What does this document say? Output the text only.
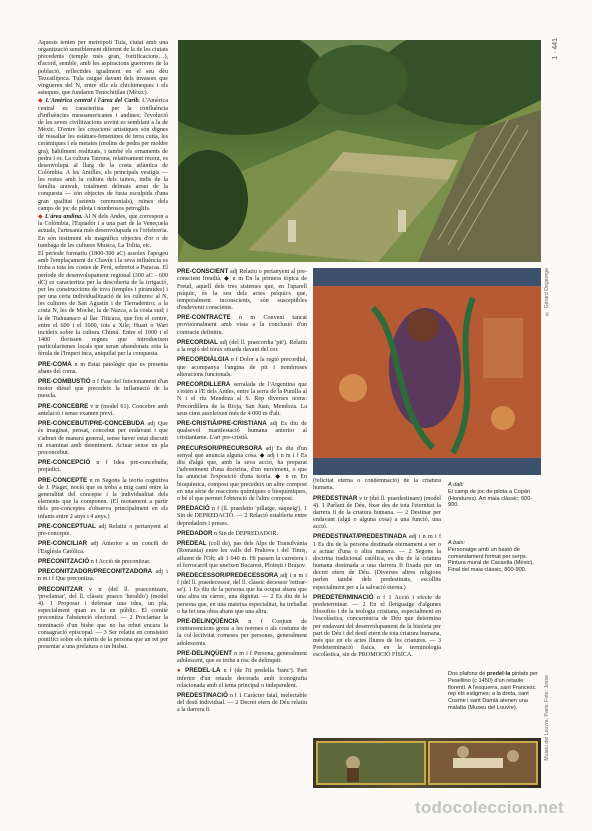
1 · 441

Aquests tenien per metròpoli Tula, ciutat amb una organització sensiblement diferent de la de les ciutats precedents (temple més gran, fortificacions…), d'acord, semble, amb les aspiracions guerreres de la població, reflectides igualment en el seu déu Tezcatlipoca. Tula caigué davant dels invasors que vingueren del N, entre ells els chichimeques i els asteques, que fundaren Tenochtitlan (Mèxic).

◆ L'Amèrica central i l'àrea del Carib. L'Amèrica central es caracteritza per la confluència d'influències mesoamericanes i andines; l'evolució de les seves civilitzacions sovint es semblant a la de Mèxic. D'entre les creacions artístiques són dignes de ressaltar les estàtues-femenines de terra cuita, les ceràmiques i els metates (molins de pedra per moldre gra), hàbilment realitzats, i també els ornaments de pedra i or. La cultura Tairona, relativament recent, es desenvolupà al llarg de la costa atlàntica de Colòmbia. A les Antilles, els principals vestigis — les restes amb la cultura dels tainos, indis de la família arawak, totalment delmats arran de la conquesta — són objectes de fusta esculpida d'una gran qualitat (seients ceremonials), ruïnes dels camps de joc de pilota i nombrosos petroglifs.

◆ L'àrea andina. Al N dels Andes, que correspon a la Colòmbia, l'Equador i a una part de la Veneçuela actuals, l'artesania més desenvolupada es l'orfebreria. En són testimoni els magnífics objectes d'or o de tumbaga de les cultures Muisca, La Tolita, etc.

El període formatiu (1800-300 aC) assolex l'apogeu amb l'emplaçament de Chavín i la seva influència es troba a tota les costes de Perú, sobretot a Paracas. El període de desenvolupament regional (300 aC - 600 dC) es caracteritza per la descoberta de la irrigació, per les construccions de tova (temples i piràmides) i per una certa individualització de les cultures: al N, les cultures de San Agustín i de Tierradentro; a la costa N, les de Moche; la de Nazca, a la costa sud; i la de Tiahuanaco al llac Titicaca, que fou el centre, entre el 600 i el 1000, tots a Xile; Huari o Wari incideix sobre la cultura Chimú. Entre el 1000 i el 1400 florissen regnes que introdueixen particularismes locals que seran abandonats sota la fèrula de l'Imperi inca, aniquilat per la conquesta.

PRE-COMA n m Estat patològic que es presenta abans del coma.
PRE-COMBUSTIÓ n f Fase del funcionament d'un motor dièsel que precedeix la inflamació de la mescla.
PRE-CONCEBRE v tr (model 61). Concebre amb antelació i sense examen previ.
PRE-CONCEBUT/PRE-CONCEBUDA adj Que és imaginat, pensat, concebut per endavant i que s'admet de manera general, sense haver estat discutit ni examinat amb deteniment. Actuar sense un pla preconcebut.
PRE-CONCEPCIÓ n f Idea pre-concebuda; prejudici.
PRE-CONCEPTE n m Segons la teoria cognitiva de J. Piaget, noció que es troba a mig camí entre la generalitat del concepte i la individualitat dels elements que la componen. (El raonament a partir dels pre-conceptes s'observa principalment en els infants entre 2 anys i 4 anys.)
PRE-CONCEPTUAL adj Relatiu o pertanyent al pre-concepte.
PRE-CONCILIAR adj Anterior a un concili de l'Església Catòlica.
PRECONITZACIÓ n f Acció de preconitzar.
PRECONITZADOR/PRECONITZADORA adj i n m i f Que preconitza.
PRECONITZAR v tr (del ll. praeconizare, 'proclamar', del ll. clàssic praeco 'heraldo') (model 4). 1 Proposar i defensar una idea, un pla, especialment quan es fa en públic. El comitè preconitza l'abstenció electoral. — 2 Proclamar la nominació d'un bisbe que no ha rebut encara la consagració episcopal. — 3 Ser relatiu en consistori pontifici sobre els mèrits de la persona que un rei per presentar a una prelatura o un bisbat.
PRE-CONSCIENT adj Relatiu o pertanyent al pre-conscient freudià. ◆ n m En la primera tòpica de Freud, aquell dels tres sistemes que, en l'aparell psíquic, és la seu dels actes psíquics que, temporalment inconscients, són susceptibles d'esdevenir conscients.
PRE-CONTRACTE n m Conveni tancat provisionalment amb vista a la conclusió d'un contracte definitiu.
PRECORDIAL adj (del ll. praecordia 'pit'). Relatiu a la regió del tòrax situada davant del cor.
PRECORDIÀLGIA n f Dolor a la regió precordial, que acompanya l'angina de pit i nombroses alteracions funcionals.
PRECORDILLERA serralada de l'Argentina que s'estén a l'E dels Andes, entre la serra de la Punilla al N i el riu Mendoza al S. Rep diverses noms: Precordillera de la Rioja, San Juan, Mendoza. La seus cims assoleixen més de 4 000 m d'alt.
PRE-CRISTIÀ/PRE-CRISTIANA adj Es diu de qualsevol manifestació humana anterior al cristianisme. L'art pre-cristià.
PRECURSOR/PRECURSORA adj Es diu d'un senyal que anuncia alguna cosa. ◆ adj i n m i f Es diu d'algú que, amb la seva acció, ha preparat l'adveniment d'una doctrina, d'un moviment, o que ha anunciat l'exposició d'una teoria. ◆ n m En bioquímica, compost que precedeix un altre compost en una sèrie de reaccions químiques o bioquímiques, o bé el que permet l'obtenció de l'altre compost.
PREDACIÓ n f (ll. praedatio 'pillatge, saqueig'). 1 Sin de DEPREDACIÓ. — 2 Relació establerta entre depredadors i preses.
PREDADOR n Sin de DEPREDADOR.
PREDEAL (coll de), pas dels Alps de Transilvània (Romania) entre les valls del Prahova i del Timiș, afluent de l'Olt; alt 1 040 m. Hi passen la carretera i el ferrocarril que uneixen Bucarest, Ploiești i Brașov.
PREDECESSOR/PREDECESSORA adj i n m i f (del ll. praedecessor, del ll. clàssic decessor 'retirar-se'). 1 Es diu de la persona que ha ocupat abans que una altra un càrrec, una dignitat. — 2 Es diu de la persona que, en una mateixa especialitat, ha treballat o ha fet una obra abans que una altra.
PRE-DELINQÜÈNCIA n f Conjunt de contravencions greus a les normes o als costums de la col·lectivitat comeses per persones, generalment adolescents.
PRE-DELINQÜENT n m i f Persona, generalment adolescent, que es troba a risc de delinquir.
● PREDEL·LA n f (de l'it predella 'banc'). Part inferior d'un retaule decorada amb iconografia relacionada amb el tema principal o independent.
PREDESTINACIÓ n f 1 Caràcter fatal, inelectable del destí individual. — 2 Decret etern de Déu relatiu a la darrera fi
© Gérard Degeorge

(felicitat eterna o condemnació) de la criatura humana.

PREDESTINAR v tr (del ll. praedestinare) (model 4). 1 Parlant de Déu, fixar des de tota l'eternitat la darrera fi de la criatura humana. — 2 Destinar per endavant (algú o alguna cosa) a una funció, una acció.
PREDESTINAT/PREDESTINADA adj i n m i f 1 Es diu de la persona destinada eternament a ser o a actuar d'una o altra manera. — 2 Segons la doctrina tradicional catòlica, es diu de la criatura humana destinada a una darrera fi fixada per un decret etern de Déu. (Diverses altres religions parlen també dels predestinats, escollits especialment per a la salvació eterna.)
PREDETERMINACIÓ n f 1 Acció i efecte de predeterminar. — 2 En el llenguatge d'algunes filosofies i de la teologia cristiana, especialment en l'escolàstica, concurrència de Déu que determina per endavant del desenvolupament de la història per part de Déu i del destí etern de tota criatura humana, més que en els actes lliures de les criatures. — 3 Predeterminació física, en la terminologia escolàstica, sin de PROMOCIÓ FÍSICA.
A dalt:
El camp de joc de pilota a Copán (Hondures). Art maia clàssic; 600-900.
A baix:
Personatge amb un bastó de comandament format per serps. Pintura mural de Cacaxtla (Mèxic). Final del maia clàssic, 800-900.
Dos plafons de predel·la pintats per Pesellino (c 1450) d'un retaule florentí. A l'esquerra, sant Francesc rep els estigmes; a la dreta, sant Cosme i sant Damià atenen una malalta (Museu del Louvre).	Museu del Louvre, Paris. Foto: Josse
todocoleccion.net
